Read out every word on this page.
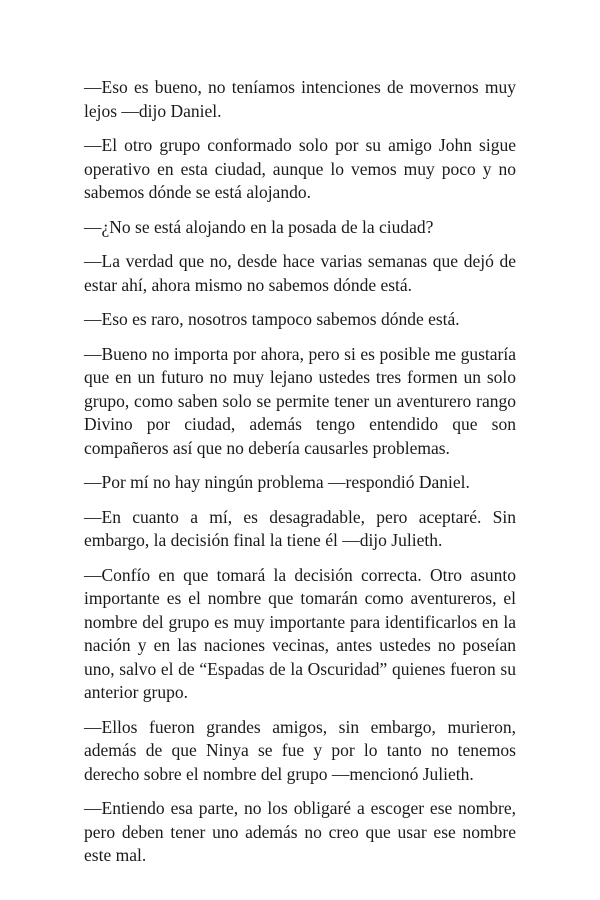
—Eso es bueno, no teníamos intenciones de movernos muy lejos —dijo Daniel.

—El otro grupo conformado solo por su amigo John sigue operativo en esta ciudad, aunque lo vemos muy poco y no sabemos dónde se está alojando.

—¿No se está alojando en la posada de la ciudad?

—La verdad que no, desde hace varias semanas que dejó de estar ahí, ahora mismo no sabemos dónde está.

—Eso es raro, nosotros tampoco sabemos dónde está.

—Bueno no importa por ahora, pero si es posible me gustaría que en un futuro no muy lejano ustedes tres formen un solo grupo, como saben solo se permite tener un aventurero rango Divino por ciudad, además tengo entendido que son compañeros así que no debería causarles problemas.

—Por mí no hay ningún problema —respondió Daniel.

—En cuanto a mí, es desagradable, pero aceptaré. Sin embargo, la decisión final la tiene él —dijo Julieth.

—Confío en que tomará la decisión correcta. Otro asunto importante es el nombre que tomarán como aventureros, el nombre del grupo es muy importante para identificarlos en la nación y en las naciones vecinas, antes ustedes no poseían uno, salvo el de “Espadas de la Oscuridad” quienes fueron su anterior grupo.

—Ellos fueron grandes amigos, sin embargo, murieron, además de que Ninya se fue y por lo tanto no tenemos derecho sobre el nombre del grupo —mencionó Julieth.

—Entiendo esa parte, no los obligaré a escoger ese nombre, pero deben tener uno además no creo que usar ese nombre este mal.
